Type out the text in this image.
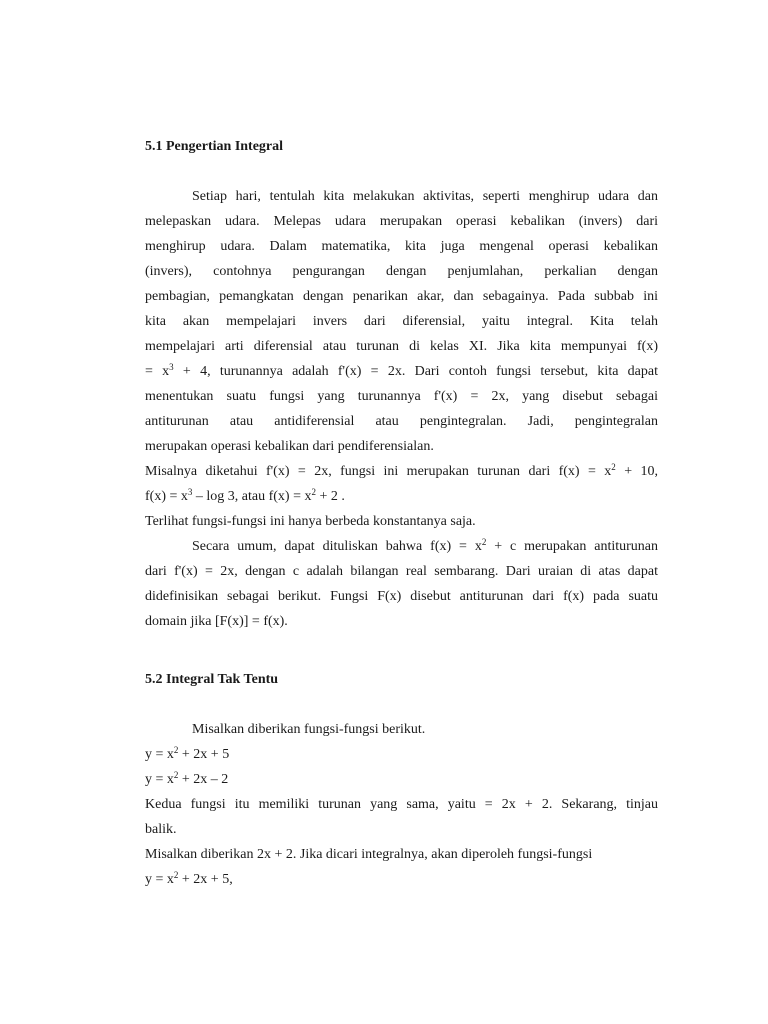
5.1 Pengertian Integral

Setiap hari, tentulah kita melakukan aktivitas, seperti menghirup udara dan

melepaskan udara. Melepas udara merupakan operasi kebalikan (invers) dari

menghirup udara. Dalam matematika, kita juga mengenal operasi kebalikan

(invers), contohnya pengurangan dengan penjumlahan, perkalian dengan

pembagian, pemangkatan dengan penarikan akar, dan sebagainya. Pada subbab ini

kita akan mempelajari invers dari diferensial, yaitu integral. Kita telah

mempelajari arti diferensial atau turunan di kelas XI. Jika kita mempunyai f(x)

= $x^3 + 4$, turunannya adalah f'(x) = 2x. Dari contoh fungsi tersebut, kita dapat

menentukan suatu fungsi yang turunannya f'(x) = 2x, yang disebut sebagai

antiturunan atau antidiferensial atau pengintegralan. Jadi, pengintegralan

merupakan operasi kebalikan dari pendiferensialan.

Misalnya diketahui f'(x) = 2x, fungsi ini merupakan turunan dari $f(x) = x^2 + 10$,

$f(x) = x^3 - \log 3$, atau $f(x) = x^2 + 2$ .

Terlihat fungsi-fungsi ini hanya berbeda konstantanya saja.

Secara umum, dapat dituliskan bahwa $f(x) = x^2 + c$ merupakan antiturunan

dari f'(x) = 2x, dengan c adalah bilangan real sembarang. Dari uraian di atas dapat

didefinisikan sebagai berikut. Fungsi F(x) disebut antiturunan dari f(x) pada suatu

domain jika [F(x)] = f(x).

5.2 Integral Tak Tentu

Misalkan diberikan fungsi-fungsi berikut.

$y = x^2 + 2x + 5$

$y = x^2 + 2x - 2$

Kedua fungsi itu memiliki turunan yang sama, yaitu = 2x + 2. Sekarang, tinjau

balik.

Misalkan diberikan 2x + 2. Jika dicari integralnya, akan diperoleh fungsi-fungsi

$y = x^2 + 2x + 5$,
